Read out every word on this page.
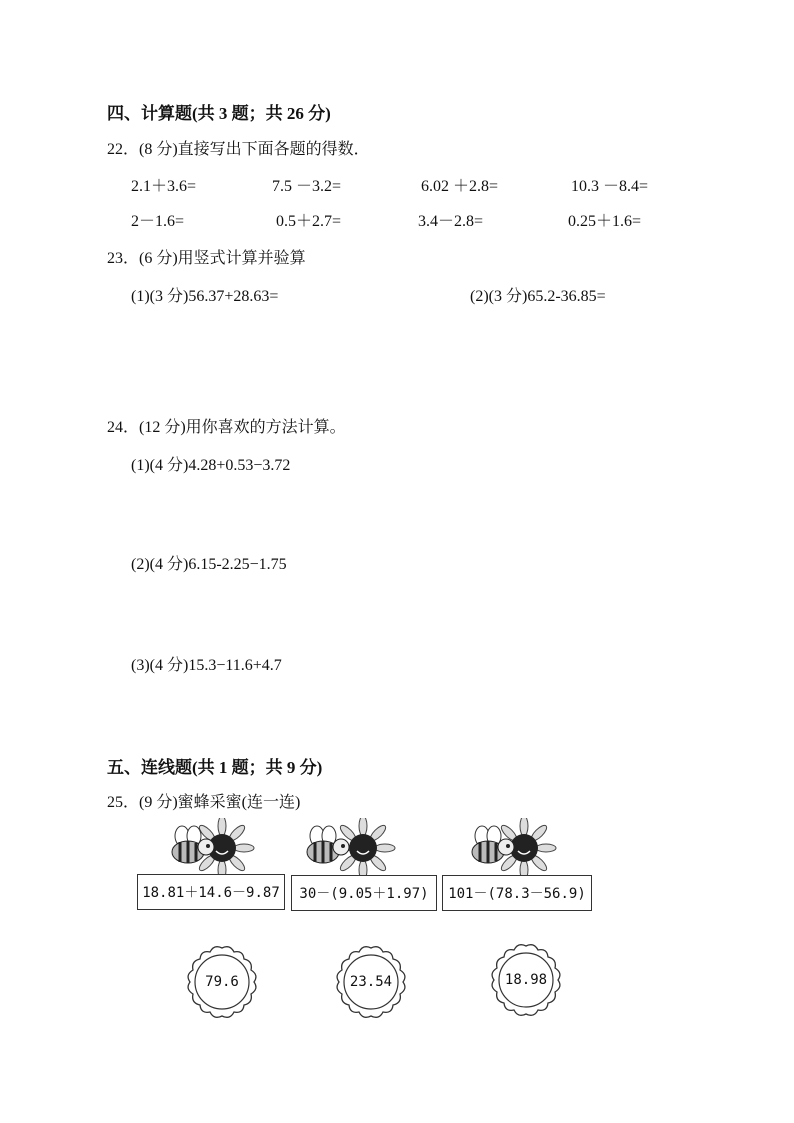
四、计算题(共 3 题；共 26 分)
22．(8 分)直接写出下面各题的得数．
2.1＋3.6=	7.5 －3.2=	6.02 ＋2.8=	10.3 －8.4=
2－1.6=	0.5＋2.7=	3.4－2.8=	0.25＋1.6=
23．(6 分)用竖式计算并验算
(1)(3 分)56.37+28.63=	(2)(3 分)65.2-36.85=
24．(12 分)用你喜欢的方法计算。
(1)(4 分)4.28+0.53−3.72
(2)(4 分)6.15-2.25−1.75
(3)(4 分)15.3−11.6+4.7
五、连线题(共 1 题；共 9 分)
25．(9 分)蜜蜂采蜜(连一连)
18.81＋14.6－9.87	30－(9.05＋1.97)	101－(78.3－56.9)
79.6	23.54	18.98
